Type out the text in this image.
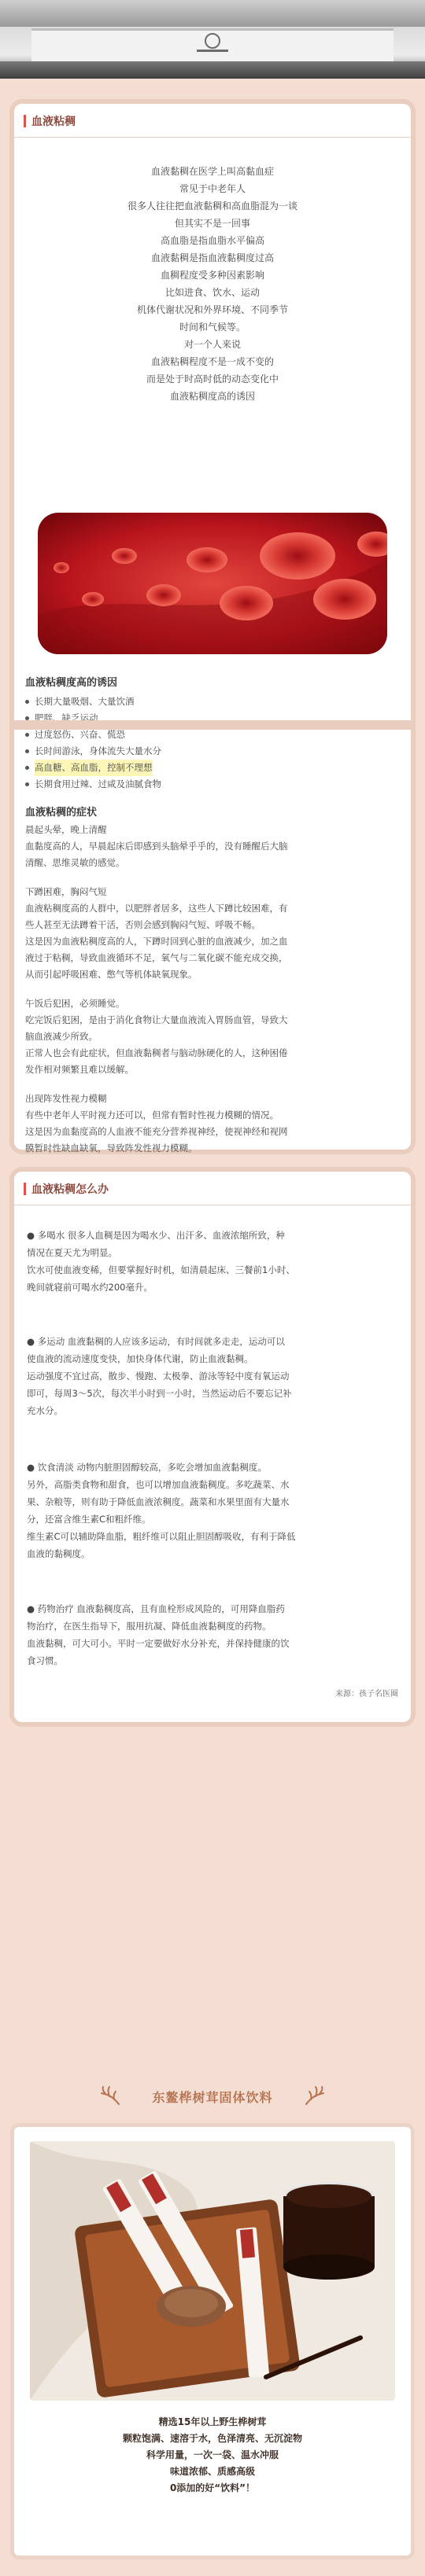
血液粘稠
血液黏稠在医学上叫高黏血症
常见于中老年人
很多人往往把血液黏稠和高血脂混为一谈
但其实不是一回事
高血脂是指血脂水平偏高
血液黏稠是指血液黏稠度过高
血稠程度受多种因素影响
比如进食、饮水、运动
机体代谢状况和外界环境、不同季节
时间和气候等。
对一个人来说
血液粘稠程度不是一成不变的
而是处于时高时低的动态变化中
血液粘稠度高的诱因
血液粘稠度高的诱因
长期大量吸烟、大量饮酒
肥胖、缺乏运动
过度怒伤、兴奋、慌恐
长时间游泳，身体流失大量水分
高血糖、高血脂，控制不理想
长期食用过辣、过咸及油腻食物
血液粘稠的症状
晨起头晕，晚上清醒
血黏度高的人，早晨起床后即感到头脑晕乎乎的，没有睡醒后大脑
清醒、思维灵敏的感觉。
下蹲困难，胸闷气短
血液粘稠度高的人群中，以肥胖者居多，这些人下蹲比较困难，有
些人甚至无法蹲着干活，否则会感到胸闷气短、呼吸不畅。
这是因为血液粘稠度高的人，下蹲时回到心脏的血液减少，加之血
液过于粘稠，导致血液循环不足，氧气与二氧化碳不能充成交换，
从而引起呼吸困难、憋气等机体缺氧现象。
午饭后犯困，必须睡觉。
吃完饭后犯困，是由于消化食物让大量血液流入胃肠血管，导致大
脑血液减少所致。
正常人也会有此症状，但血液黏稠者与脑动脉硬化的人，这种困倦
发作相对频繁且难以缓解。
出现阵发性视力模糊
有些中老年人平时视力还可以，但常有暂时性视力模糊的情况。
这是因为血黏度高的人血液不能充分营养视神经，使视神经和视网
膜暂时性缺血缺氧，导致阵发性视力模糊。
血液粘稠怎么办
● 多喝水 很多人血稠是因为喝水少、出汗多、血液浓缩所致，种
情况在夏天尤为明显。
饮水可使血液变稀，但要掌握好时机，如清晨起床、三餐前1小时、
晚间就寝前可喝水约200毫升。
● 多运动 血液黏稠的人应该多运动，有时间就多走走，运动可以
使血液的流动速度变快，加快身体代谢，防止血液黏稠。
运动强度不宜过高，散步、慢跑、太极拳、游泳等轻中度有氧运动
即可，每周3～5次，每次半小时到一小时，当然运动后不要忘记补
充水分。
● 饮食清淡 动物内脏胆固醇较高，多吃会增加血液黏稠度。
另外，高脂类食物和甜食，也可以增加血液黏稠度。多吃蔬菜、水
果、杂粮等，则有助于降低血液浓稠度。蔬菜和水果里面有大量水
分，还富含维生素C和粗纤维。
维生素C可以辅助降血脂，粗纤维可以阻止胆固醇吸收，有利于降低
血液的黏稠度。
● 药物治疗 血液黏稠度高，且有血栓形成风险的，可用降血脂药
物治疗，在医生指导下，服用抗凝、降低血液黏稠度的药物。
血液黏稠，可大可小。平时一定要做好水分补充，并保持健康的饮
食习惯。
来源：孩子名医圈
东鳌桦树茸固体饮料
精选15年以上野生桦树茸
颗粒饱满、速溶于水，色泽清亮、无沉淀物
科学用量，一次一袋、温水冲服
味道浓郁、质感高级
0添加的好“饮料”！
